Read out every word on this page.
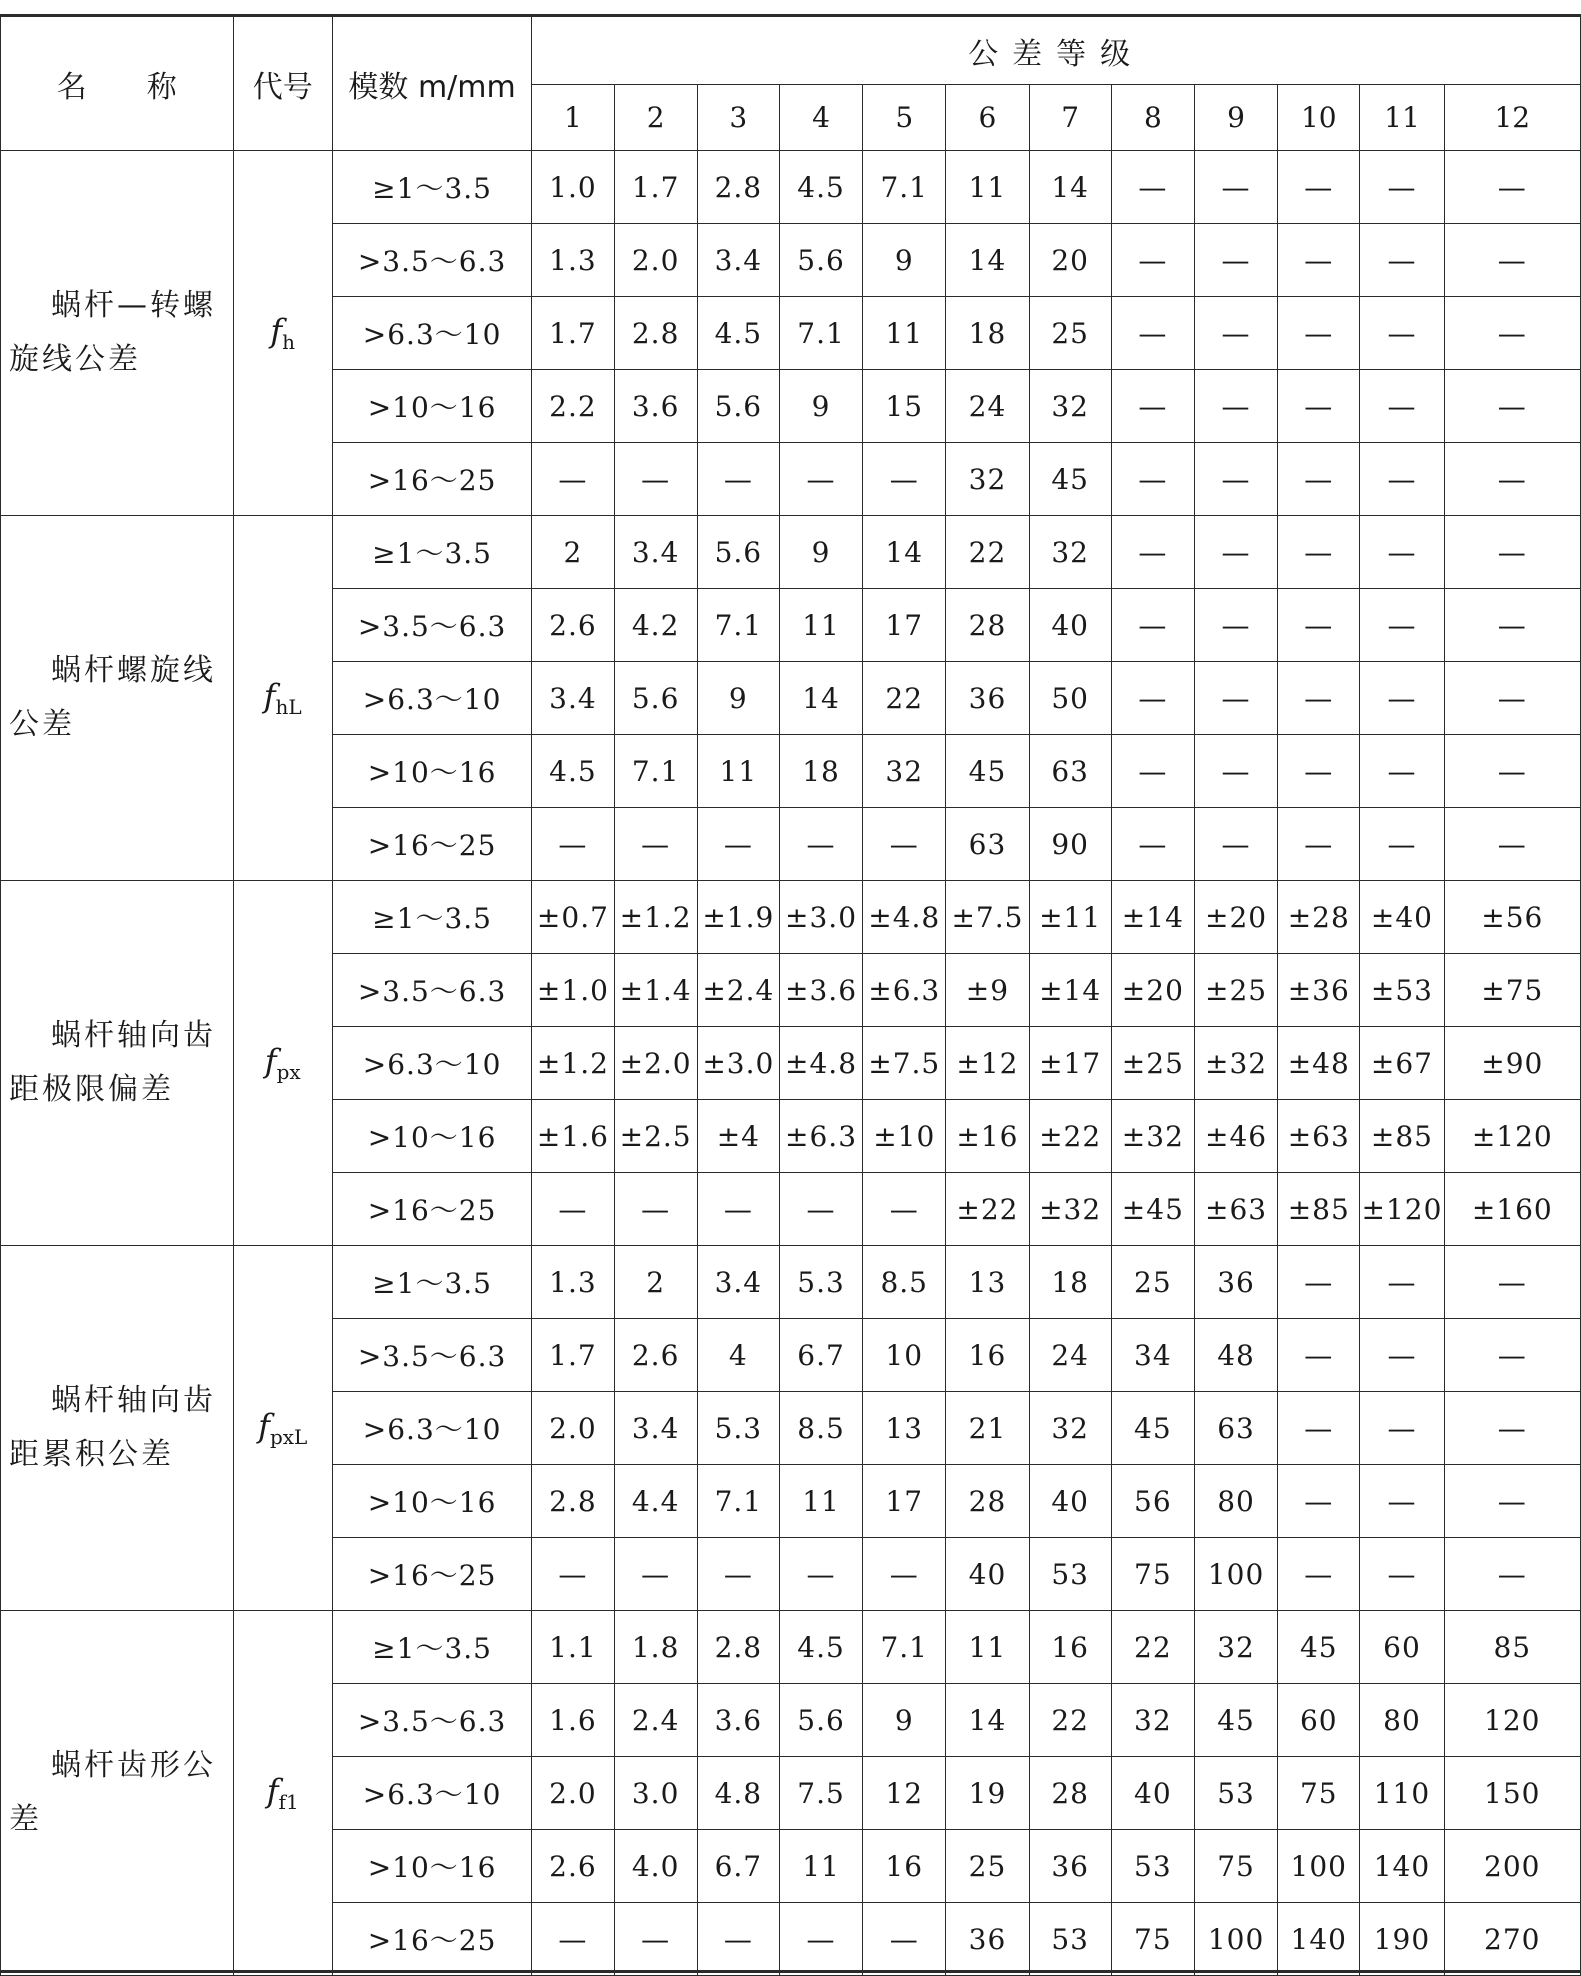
名　　称	代号	模数 m/mm	公差等级											
			1	2	3	4	5	6	7	8	9	10	11	12

蜗杆—转螺
旋线公差	fh	≥1～3.5	1.0	1.7	2.8	4.5	7.1	11	14	—	—	—	—	—
		>3.5～6.3	1.3	2.0	3.4	5.6	9	14	20	—	—	—	—	—
		>6.3～10	1.7	2.8	4.5	7.1	11	18	25	—	—	—	—	—
		>10～16	2.2	3.6	5.6	9	15	24	32	—	—	—	—	—
		>16～25	—	—	—	—	—	32	45	—	—	—	—	—

蜗杆螺旋线
公差	fhL	≥1～3.5	2	3.4	5.6	9	14	22	32	—	—	—	—	—
		>3.5～6.3	2.6	4.2	7.1	11	17	28	40	—	—	—	—	—
		>6.3～10	3.4	5.6	9	14	22	36	50	—	—	—	—	—
		>10～16	4.5	7.1	11	18	32	45	63	—	—	—	—	—
		>16～25	—	—	—	—	—	63	90	—	—	—	—	—

蜗杆轴向齿
距极限偏差	fpx	≥1～3.5	±0.7	±1.2	±1.9	±3.0	±4.8	±7.5	±11	±14	±20	±28	±40	±56
		>3.5～6.3	±1.0	±1.4	±2.4	±3.6	±6.3	±9	±14	±20	±25	±36	±53	±75
		>6.3～10	±1.2	±2.0	±3.0	±4.8	±7.5	±12	±17	±25	±32	±48	±67	±90
		>10～16	±1.6	±2.5	±4	±6.3	±10	±16	±22	±32	±46	±63	±85	±120
		>16～25	—	—	—	—	—	±22	±32	±45	±63	±85	±120	±160

蜗杆轴向齿
距累积公差	fpxL	≥1～3.5	1.3	2	3.4	5.3	8.5	13	18	25	36	—	—	—
		>3.5～6.3	1.7	2.6	4	6.7	10	16	24	34	48	—	—	—
		>6.3～10	2.0	3.4	5.3	8.5	13	21	32	45	63	—	—	—
		>10～16	2.8	4.4	7.1	11	17	28	40	56	80	—	—	—
		>16～25	—	—	—	—	—	40	53	75	100	—	—	—

蜗杆齿形公
差	ff1	≥1～3.5	1.1	1.8	2.8	4.5	7.1	11	16	22	32	45	60	85
		>3.5～6.3	1.6	2.4	3.6	5.6	9	14	22	32	45	60	80	120
		>6.3～10	2.0	3.0	4.8	7.5	12	19	28	40	53	75	110	150
		>10～16	2.6	4.0	6.7	11	16	25	36	53	75	100	140	200
		>16～25	—	—	—	—	—	36	53	75	100	140	190	270
